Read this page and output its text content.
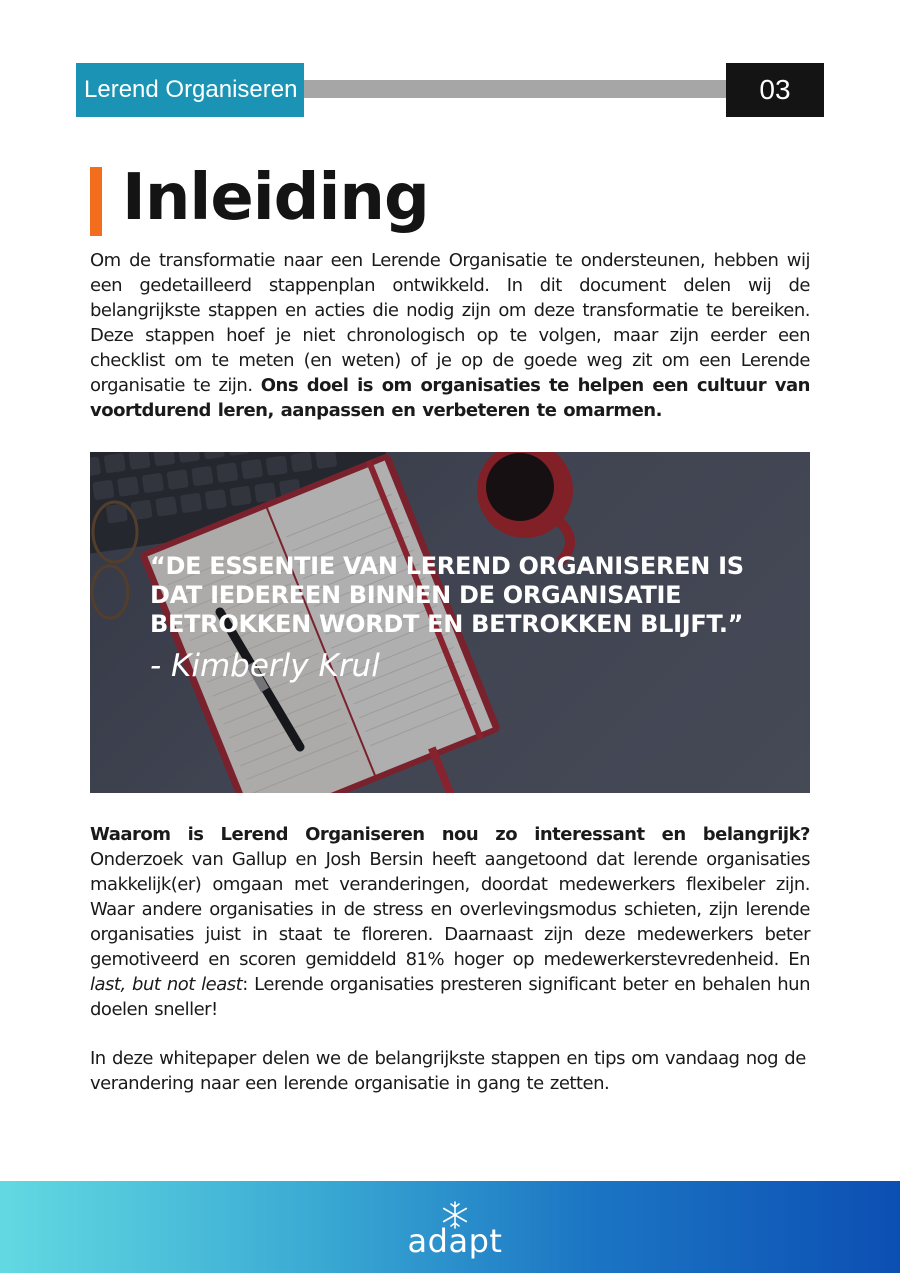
Lerend Organiseren	03
Inleiding
Om de transformatie naar een Lerende Organisatie te ondersteunen, hebben wij een gedetailleerd stappenplan ontwikkeld. In dit document delen wij de belangrijkste stappen en acties die nodig zijn om deze transformatie te bereiken. Deze stappen hoef je niet chronologisch op te volgen, maar zijn eerder een checklist om te meten (en weten) of je op de goede weg zit om een Lerende organisatie te zijn. Ons doel is om organisaties te helpen een cultuur van voortdurend leren, aanpassen en verbeteren te omarmen.
“DE ESSENTIE VAN LEREND ORGANISEREN IS DAT IEDEREEN BINNEN DE ORGANISATIE BETROKKEN WORDT EN BETROKKEN BLIJFT.”
- Kimberly Krul
Waarom is Lerend Organiseren nou zo interessant en belangrijk? Onderzoek van Gallup en Josh Bersin heeft aangetoond dat lerende organisaties makkelijk(er) omgaan met veranderingen, doordat medewerkers flexibeler zijn. Waar andere organisaties in de stress en overlevingsmodus schieten, zijn lerende organisaties juist in staat te floreren. Daarnaast zijn deze medewerkers beter gemotiveerd en scoren gemiddeld 81% hoger op medewerkerstevredenheid. En last, but not least: Lerende organisaties presteren significant beter en behalen hun doelen sneller!
In deze whitepaper delen we de belangrijkste stappen en tips om vandaag nog de verandering naar een lerende organisatie in gang te zetten.
adapt
